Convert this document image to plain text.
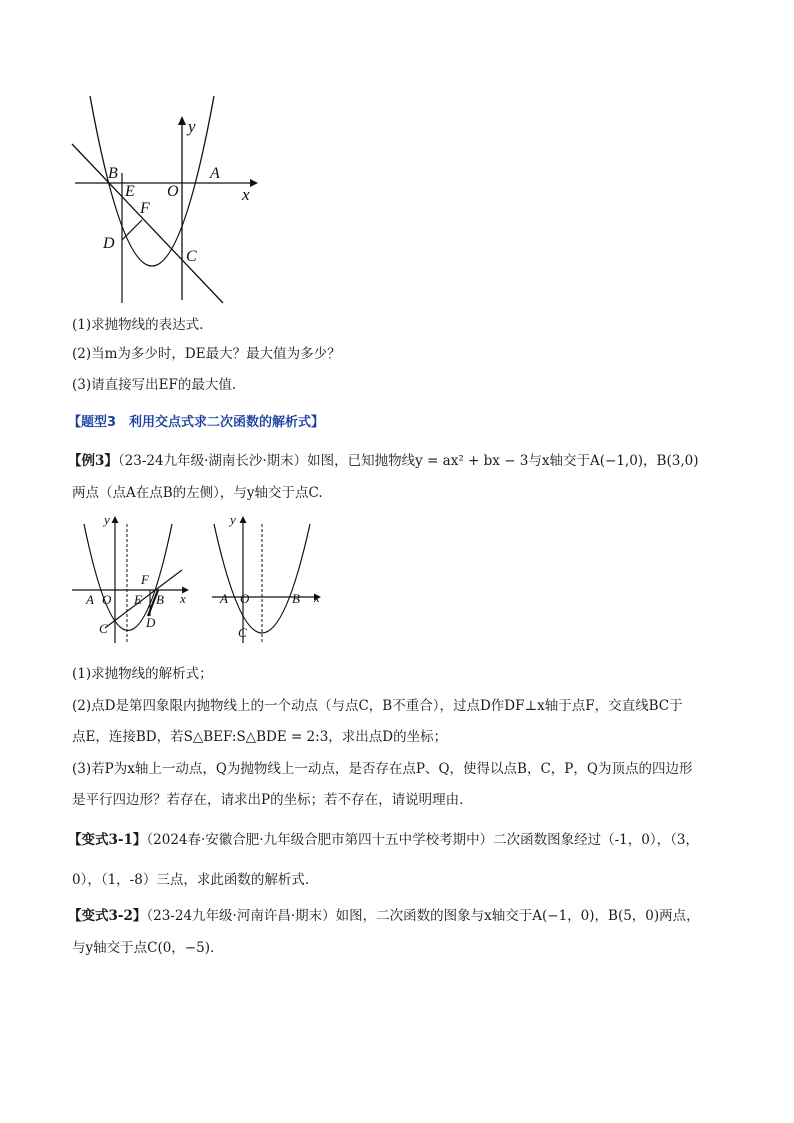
y
x
B
E O
A
F
D
C
(1)求抛物线的表达式.
(2)当m为多少时，DE最大？最大值为多少？
(3)请直接写出EF的最大值.
【题型3　利用交点式求二次函数的解析式】
【例3】（23-24九年级·湖南长沙·期末）如图，已知抛物线y = ax² + bx − 3与x轴交于A(−1,0)，B(3,0)
两点（点A在点B的左侧），与y轴交于点C.
y
x
A O E B
F
C	D
y
x
A O	B
C
(1)求抛物线的解析式；
(2)点D是第四象限内抛物线上的一个动点（与点C，B不重合），过点D作DF⊥x轴于点F，交直线BC于
点E，连接BD，若S△BEF:S△BDE = 2:3，求出点D的坐标；
(3)若P为x轴上一动点，Q为抛物线上一动点，是否存在点P、Q，使得以点B，C，P，Q为顶点的四边形
是平行四边形？若存在，请求出P的坐标；若不存在，请说明理由.
【变式3-1】（2024春·安徽合肥·九年级合肥市第四十五中学校考期中）二次函数图象经过（-1，0），（3，
0），（1，-8）三点，求此函数的解析式.
【变式3-2】（23-24九年级·河南许昌·期末）如图，二次函数的图象与x轴交于A(−1，0)，B(5，0)两点，
与y轴交于点C(0，−5).
